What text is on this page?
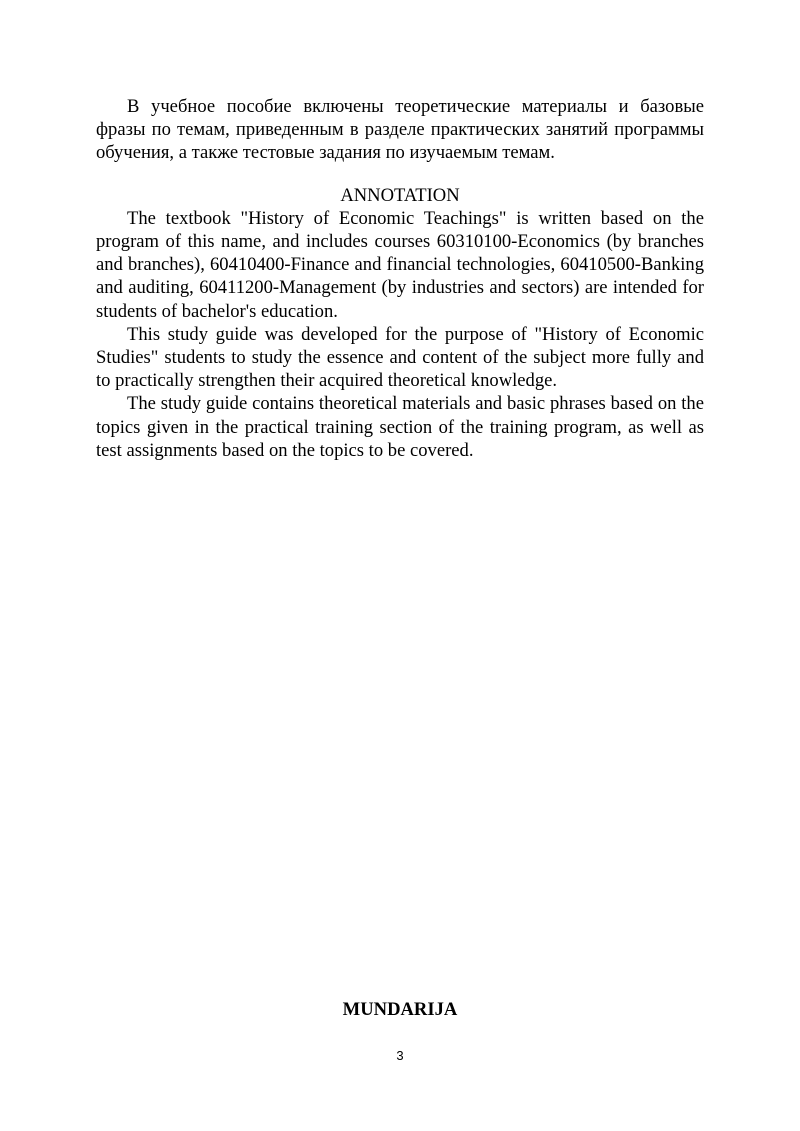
В учебное пособие включены теоретические материалы и базовые фразы по темам, приведенным в разделе практических занятий программы обучения, а также тестовые задания по изучаемым темам.

ANNOTATION

The textbook "History of Economic Teachings" is written based on the program of this name, and includes courses 60310100-Economics (by branches and branches), 60410400-Finance and financial technologies, 60410500-Banking and auditing, 60411200-Management (by industries and sectors) are intended for students of bachelor's education.

This study guide was developed for the purpose of "History of Economic Studies" students to study the essence and content of the subject more fully and to practically strengthen their acquired theoretical knowledge.

The study guide contains theoretical materials and basic phrases based on the topics given in the practical training section of the training program, as well as test assignments based on the topics to be covered.

MUNDARIJA
3
